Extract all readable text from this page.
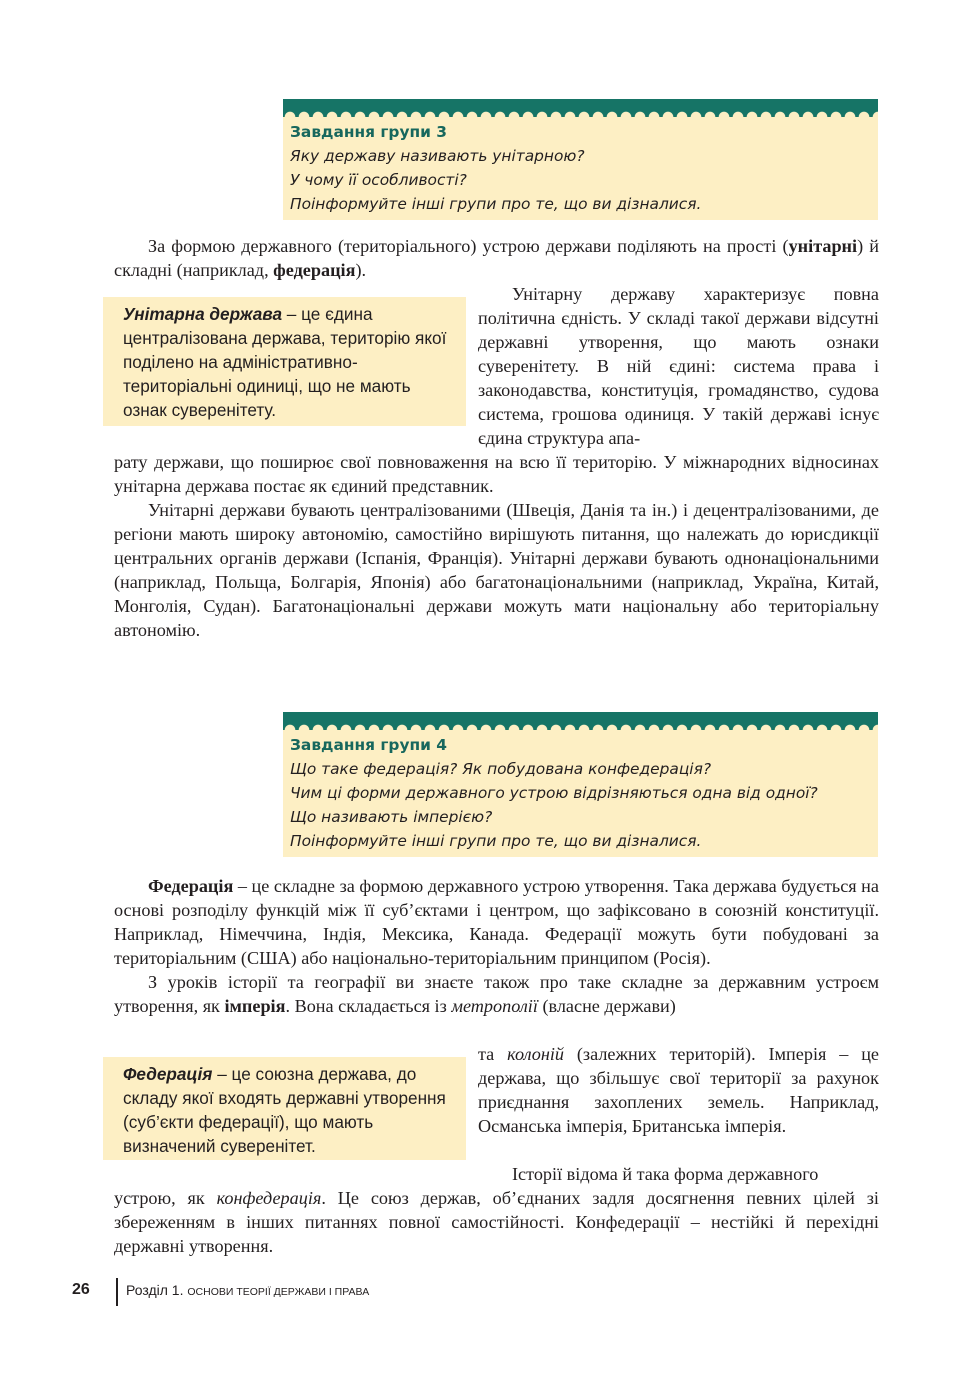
Завдання групи 3
Яку державу називають унітарною?
У чому її особливості?
Поінформуйте інші групи про те, що ви дізналися.

За формою державного (територіального) устрою держави поділяють на прості (унітарні) й складні (наприклад, федерація).

Унітарна держава – це єдина централізована держава, територію якої поділено на адміністративно-територіальні одиниці, що не мають ознак суверенітету.

Унітарну державу характеризує повна політична єдність. У складі такої держави відсутні державні утворення, що мають ознаки суверенітету. В ній єдині: система права і законодавства, конституція, громадянство, судова система, грошова одиниця. У такій державі існує єдина структура апа-

рату держави, що поширює свої повноваження на всю її територію. У міжнародних відносинах унітарна держава постає як єдиний представник.

Унітарні держави бувають централізованими (Швеція, Данія та ін.) і децентралізованими, де регіони мають широку автономію, самостійно вирішують питання, що належать до юрисдикції центральних органів держави (Іспанія, Франція). Унітарні держави бувають однонаціональними (наприклад, Польща, Болгарія, Японія) або багатонаціональними (наприклад, Україна, Китай, Монголія, Судан). Багатонаціональні держави можуть мати національну або територіальну автономію.

Завдання групи 4
Що таке федерація? Як побудована конфедерація?
Чим ці форми державного устрою відрізняються одна від одної?
Що називають імперією?
Поінформуйте інші групи про те, що ви дізналися.

Федерація – це складне за формою державного устрою утворення. Така держава будується на основі розподілу функцій між її суб’єктами і центром, що зафіксовано в союзній конституції. Наприклад, Німеччина, Індія, Мексика, Канада. Федерації можуть бути побудовані за територіальним (США) або національно-територіальним принципом (Росія).

З уроків історії та географії ви знаєте також про таке складне за державним устроєм утворення, як імперія. Вона складається із метрополії (власне держави)

Федерація – це союзна держава, до складу якої входять державні утворення (суб’єкти федерації), що мають визначений суверенітет.

та колоній (залежних територій). Імперія – це держава, що збільшує свої території за рахунок приєднання захоплених земель. Наприклад, Османська імперія, Британська імперія.

Історії відома й така форма державного

устрою, як конфедерація. Це союз держав, об’єднаних задля досягнення певних цілей зі збереженням в інших питаннях повної самостійності. Конфедерації – нестійкі й перехідні державні утворення.

26	Розділ 1. ОСНОВИ ТЕОРІЇ ДЕРЖАВИ І ПРАВА
